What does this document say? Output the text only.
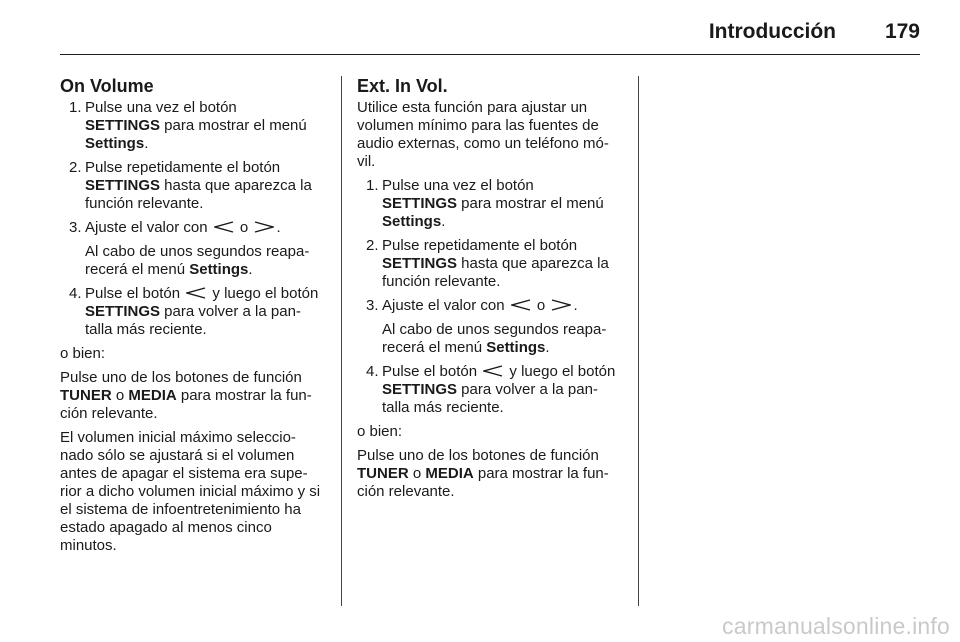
Introducción 179
On Volume
1. Pulse una vez el botón
SETTINGS para mostrar el menú Settings.
2. Pulse repetidamente el botón
SETTINGS hasta que aparezca la función relevante.
3. Ajuste el valor con o .
Al cabo de unos segundos reapa-recerá el menú Settings.
4. Pulse el botón  y luego el botón
SETTINGS para volver a la pan-talla más reciente.

o bien:

Pulse uno de los botones de función TUNER o MEDIA para mostrar la fun-ción relevante.

El volumen inicial máximo seleccio-nado sólo se ajustará si el volumen antes de apagar el sistema era supe-rior a dicho volumen inicial máximo y si el sistema de infoentretenimiento ha estado apagado al menos cinco minutos.

Ext. In Vol.

Utilice esta función para ajustar un volumen mínimo para las fuentes de audio externas, como un teléfono mó-vil.

1. Pulse una vez el botón
SETTINGS para mostrar el menú Settings.
2. Pulse repetidamente el botón
SETTINGS hasta que aparezca la función relevante.
3. Ajuste el valor con o .
Al cabo de unos segundos reapa-recerá el menú Settings.
4. Pulse el botón  y luego el botón
SETTINGS para volver a la pan-talla más reciente.

o bien:

Pulse uno de los botones de función TUNER o MEDIA para mostrar la fun-ción relevante.

carmanualsonline.info
